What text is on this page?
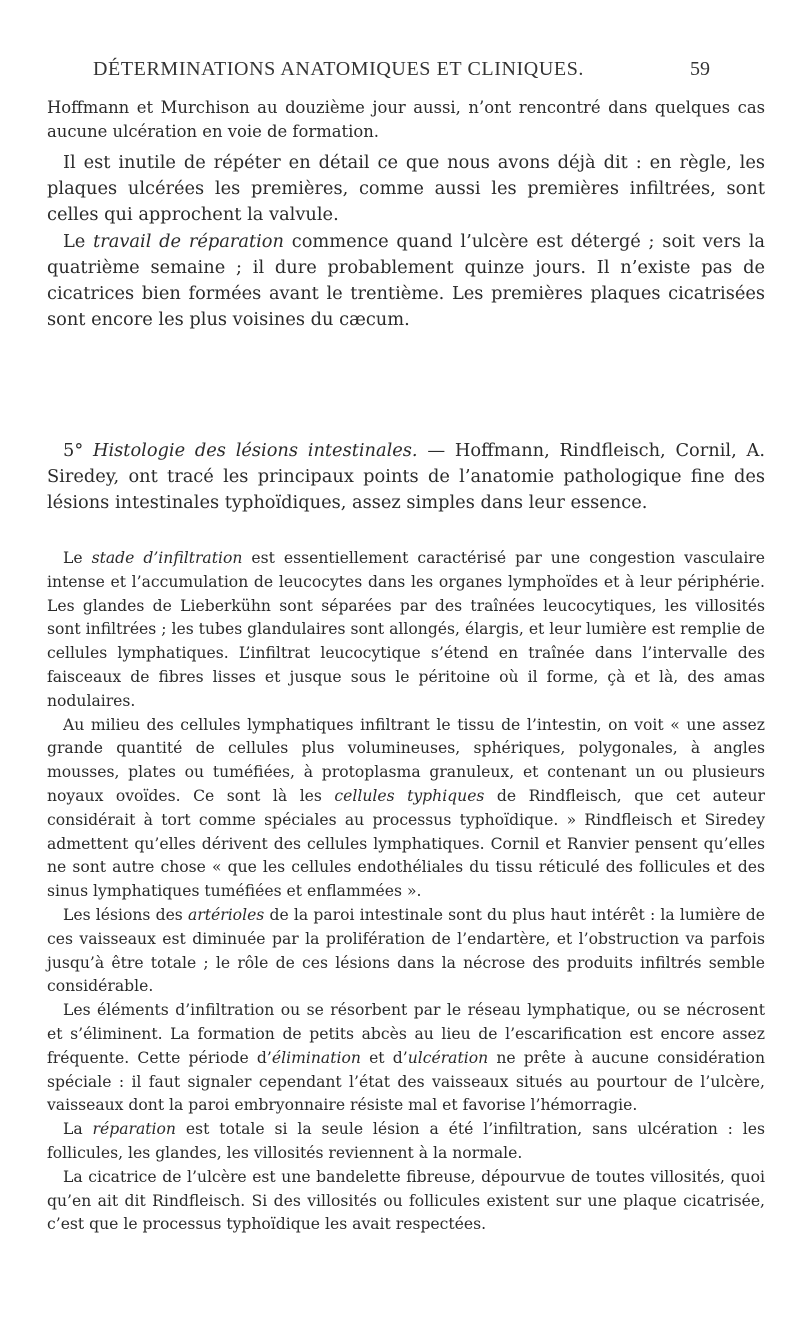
DÉTERMINATIONS ANATOMIQUES ET CLINIQUES.	59

Hoffmann et Murchison au douzième jour aussi, n’ont rencontré dans quelques cas aucune ulcération en voie de formation.

Il est inutile de répéter en détail ce que nous avons déjà dit : en règle, les plaques ulcérées les premières, comme aussi les premières infiltrées, sont celles qui approchent la valvule.

Le travail de réparation commence quand l’ulcère est détergé ; soit vers la quatrième semaine ; il dure probablement quinze jours. Il n’existe pas de cicatrices bien formées avant le trentième. Les premières plaques cicatrisées sont encore les plus voisines du cæcum.

5° Histologie des lésions intestinales. — Hoffmann, Rindfleisch, Cornil, A. Siredey, ont tracé les principaux points de l’anatomie pathologique fine des lésions intestinales typhoïdiques, assez simples dans leur essence.

Le stade d’infiltration est essentiellement caractérisé par une congestion vasculaire intense et l’accumulation de leucocytes dans les organes lymphoïdes et à leur périphérie. Les glandes de Lieberkühn sont séparées par des traînées leucocytiques, les villosités sont infiltrées ; les tubes glandulaires sont allongés, élargis, et leur lumière est remplie de cellules lymphatiques. L’infiltrat leucocytique s’étend en traînée dans l’intervalle des faisceaux de fibres lisses et jusque sous le péritoine où il forme, çà et là, des amas nodulaires.

Au milieu des cellules lymphatiques infiltrant le tissu de l’intestin, on voit « une assez grande quantité de cellules plus volumineuses, sphériques, polygonales, à angles mousses, plates ou tuméfiées, à protoplasma granuleux, et contenant un ou plusieurs noyaux ovoïdes. Ce sont là les cellules typhiques de Rindfleisch, que cet auteur considérait à tort comme spéciales au processus typhoïdique. » Rindfleisch et Siredey admettent qu’elles dérivent des cellules lymphatiques. Cornil et Ranvier pensent qu’elles ne sont autre chose « que les cellules endothéliales du tissu réticulé des follicules et des sinus lymphatiques tuméfiées et enflammées ».

Les lésions des artérioles de la paroi intestinale sont du plus haut intérêt : la lumière de ces vaisseaux est diminuée par la prolifération de l’endartère, et l’obstruction va parfois jusqu’à être totale ; le rôle de ces lésions dans la nécrose des produits infiltrés semble considérable.

Les éléments d’infiltration ou se résorbent par le réseau lymphatique, ou se nécrosent et s’éliminent. La formation de petits abcès au lieu de l’escarification est encore assez fréquente. Cette période d’élimination et d’ulcération ne prête à aucune considération spéciale : il faut signaler cependant l’état des vaisseaux situés au pourtour de l’ulcère, vaisseaux dont la paroi embryonnaire résiste mal et favorise l’hémorragie.

La réparation est totale si la seule lésion a été l’infiltration, sans ulcération : les follicules, les glandes, les villosités reviennent à la normale.

La cicatrice de l’ulcère est une bandelette fibreuse, dépourvue de toutes villosités, quoi qu’en ait dit Rindfleisch. Si des villosités ou follicules existent sur une plaque cicatrisée, c’est que le processus typhoïdique les avait respectées.
